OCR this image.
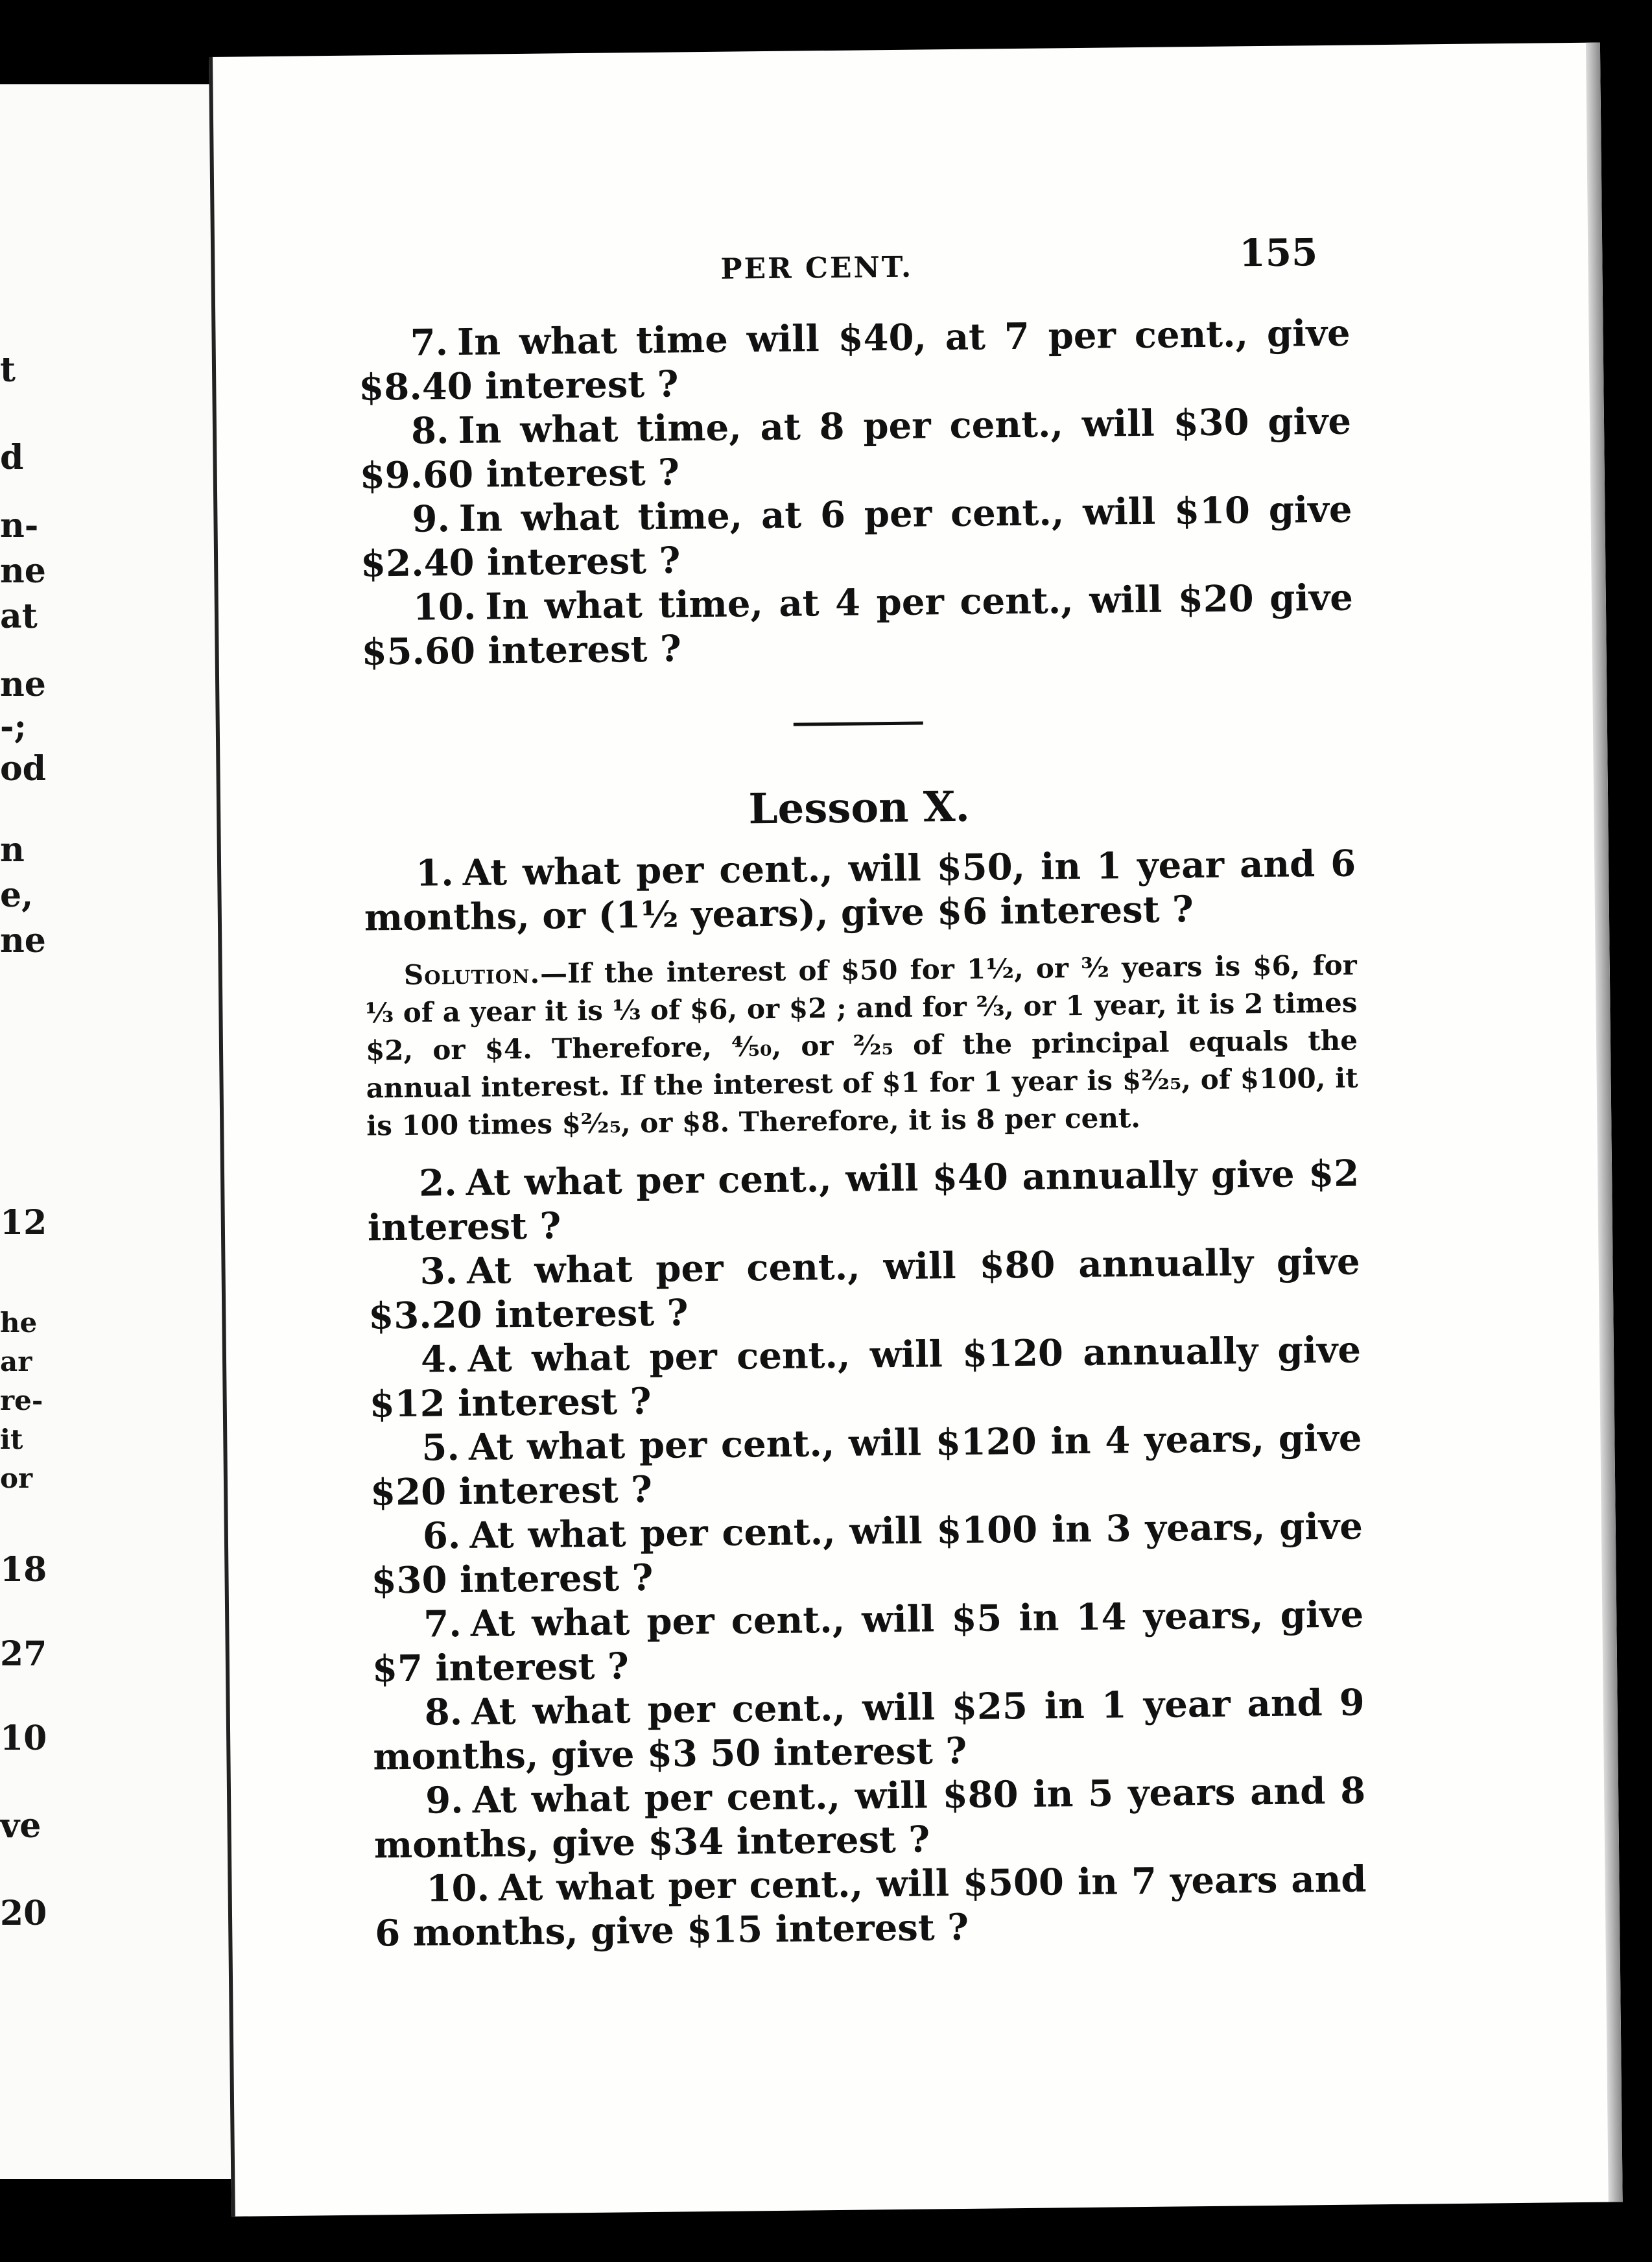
t
d
n-
ne
at
ne
-;
od
n
e,
ne
12
he
ar
re-
it
or
18
27
10
ve
20
PER CENT.	155

7. In what time will $40, at 7 per cent., give $8.40 interest ?

8. In what time, at 8 per cent., will $30 give $9.60 interest ?

9. In what time, at 6 per cent., will $10 give $2.40 interest ?

10. In what time, at 4 per cent., will $20 give $5.60 interest ?

Lesson X.

1. At what per cent., will $50, in 1 year and 6 months, or (1½ years), give $6 interest ?

Solution.—If the interest of $50 for 1½, or ³⁄₂ years is $6, for ⅓ of a year it is ⅓ of $6, or $2 ; and for ⅔, or 1 year, it is 2 times $2, or $4. Therefore, ⁴⁄₅₀, or ²⁄₂₅ of the principal equals the annual interest. If the interest of $1 for 1 year is $²⁄₂₅, of $100, it is 100 times $²⁄₂₅, or $8. Therefore, it is 8 per cent.

2. At what per cent., will $40 annually give $2 interest ?

3. At what per cent., will $80 annually give $3.20 interest ?

4. At what per cent., will $120 annually give $12 interest ?

5. At what per cent., will $120 in 4 years, give $20 interest ?

6. At what per cent., will $100 in 3 years, give $30 interest ?

7. At what per cent., will $5 in 14 years, give $7 interest ?

8. At what per cent., will $25 in 1 year and 9 months, give $3 50 interest ?

9. At what per cent., will $80 in 5 years and 8 months, give $34 interest ?

10. At what per cent., will $500 in 7 years and 6 months, give $15 interest ?
